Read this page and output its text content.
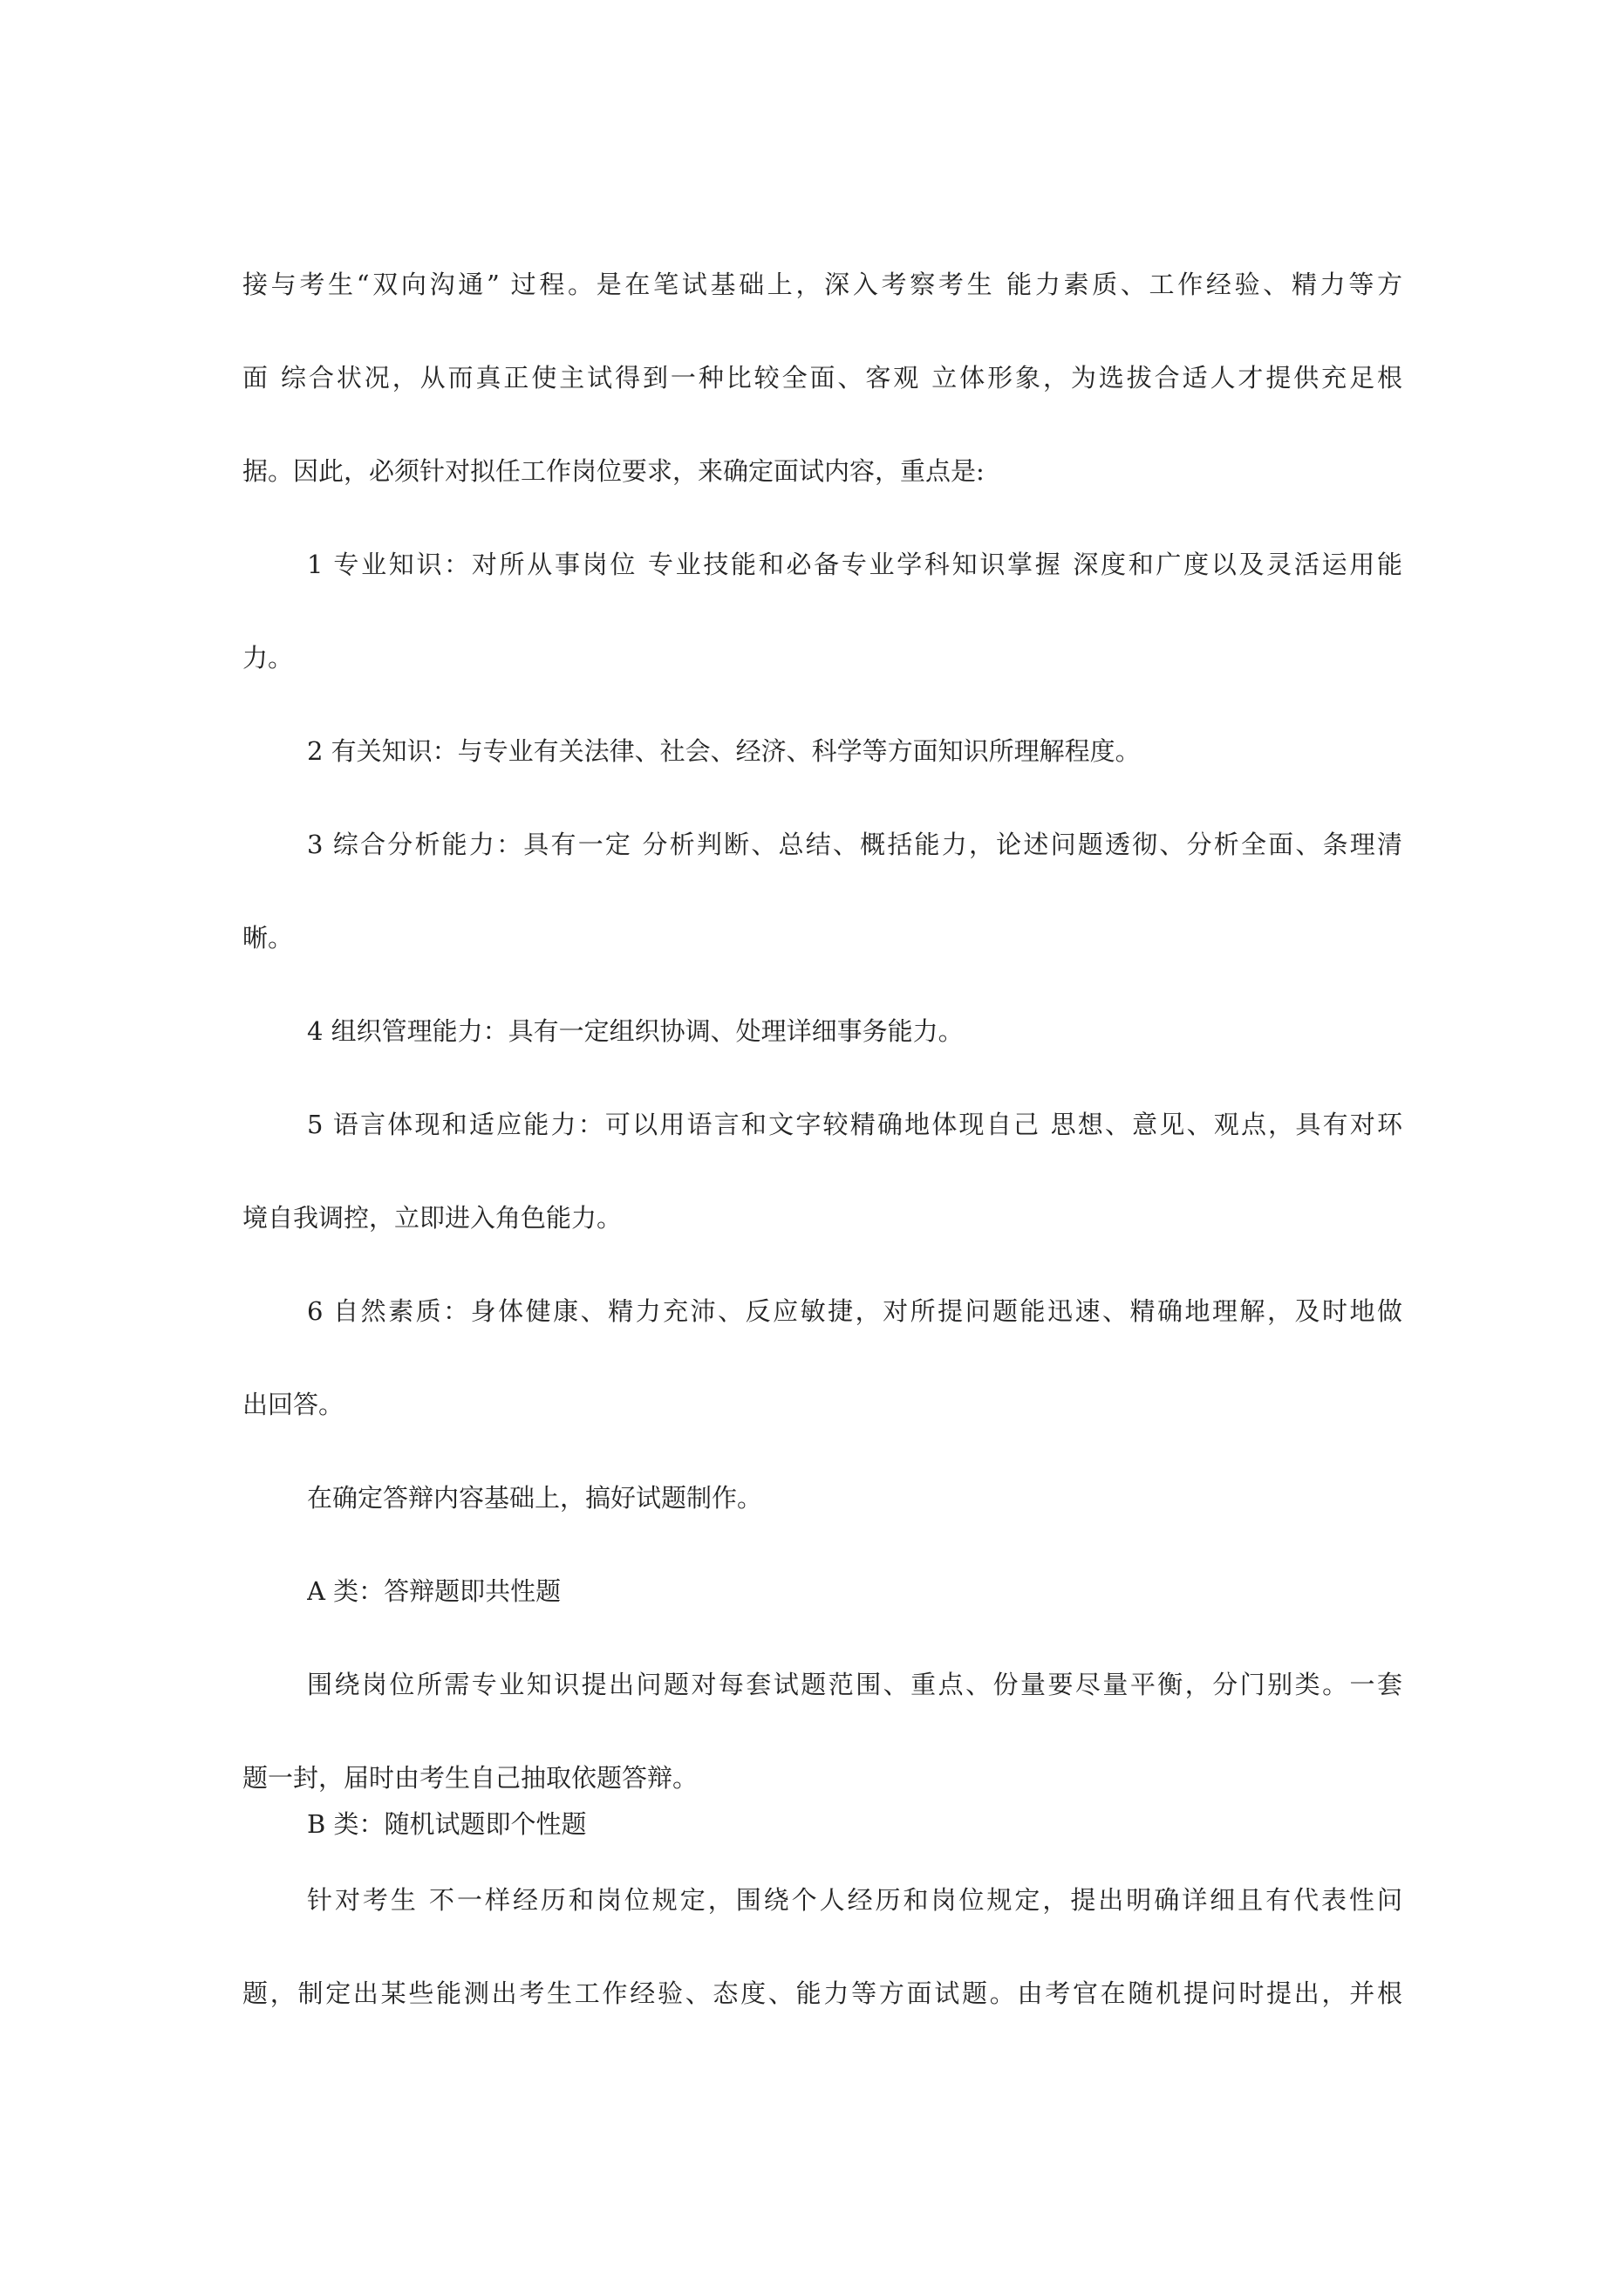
接与考生“双向沟通” 过程。是在笔试基础上，深入考察考生 能力素质、工作经验、精力等方
面 综合状况，从而真正使主试得到一种比较全面、客观 立体形象，为选拔合适人才提供充足根
据。因此，必须针对拟任工作岗位要求，来确定面试内容，重点是:
1 专业知识：对所从事岗位 专业技能和必备专业学科知识掌握 深度和广度以及灵活运用能
力。
2 有关知识：与专业有关法律、社会、经济、科学等方面知识所理解程度。
3 综合分析能力：具有一定 分析判断、总结、概括能力，论述问题透彻、分析全面、条理清
晰。
4 组织管理能力：具有一定组织协调、处理详细事务能力。
5 语言体现和适应能力：可以用语言和文字较精确地体现自己 思想、意见、观点，具有对环
境自我调控，立即进入角色能力。
6 自然素质：身体健康、精力充沛、反应敏捷，对所提问题能迅速、精确地理解，及时地做
出回答。
在确定答辩内容基础上，搞好试题制作。
A 类：答辩题即共性题
围绕岗位所需专业知识提出问题对每套试题范围、重点、份量要尽量平衡，分门别类。一套
题一封，届时由考生自己抽取依题答辩。
B 类：随机试题即个性题
针对考生 不一样经历和岗位规定，围绕个人经历和岗位规定，提出明确详细且有代表性问
题，制定出某些能测出考生工作经验、态度、能力等方面试题。由考官在随机提问时提出，并根
